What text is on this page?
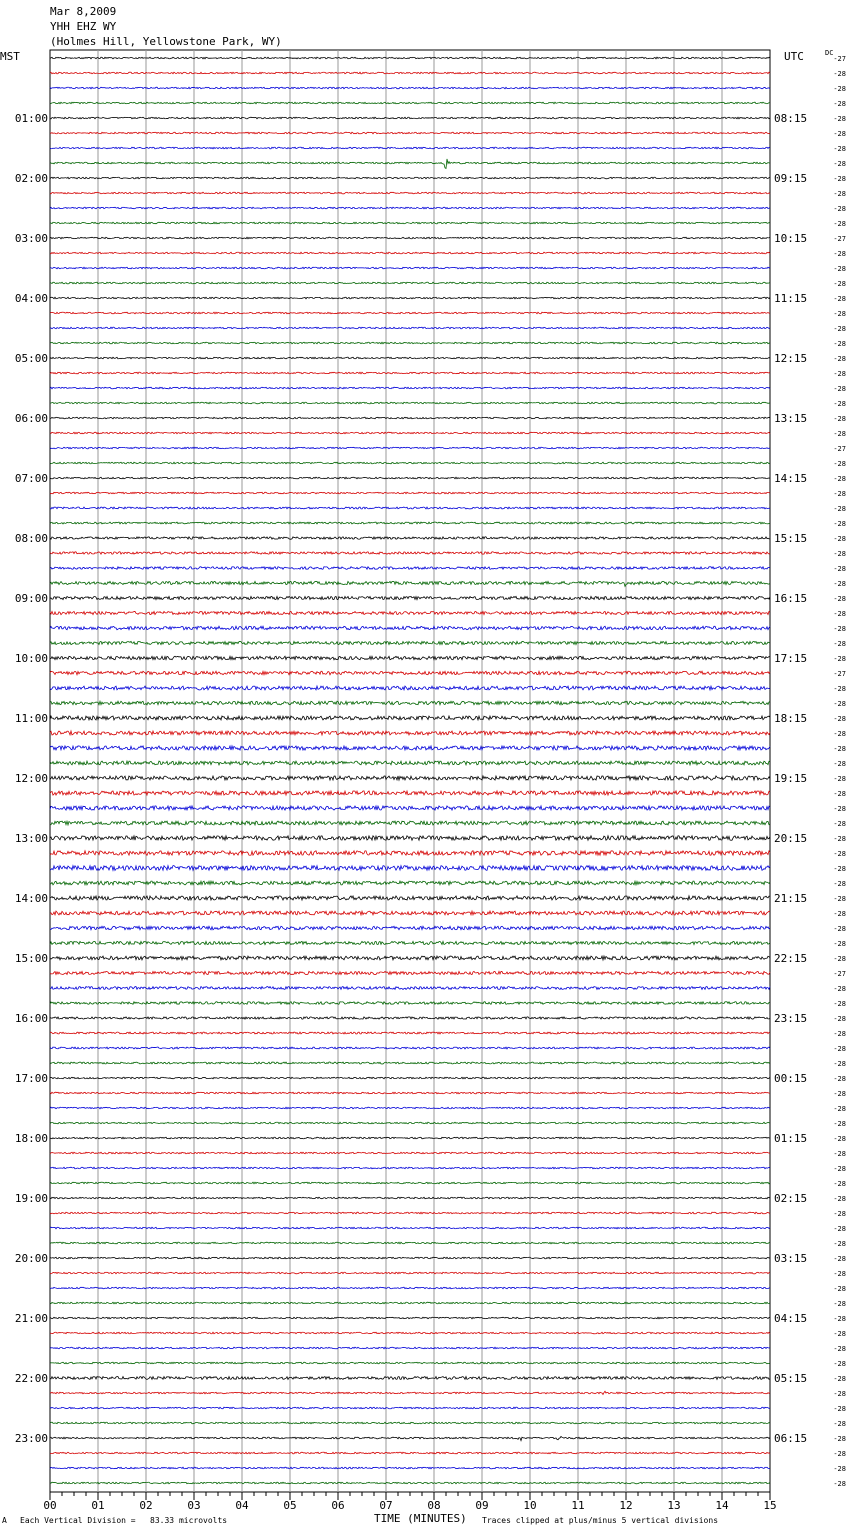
Mar 8,2009
YHH EHZ WY
(Holmes Hill, Yellowstone Park, WY)
MST	UTC	DC
01:00
02:00
03:00
04:00
05:00
06:00
07:00
08:00
09:00
10:00
11:00
12:00
13:00
14:00
15:00
16:00
17:00
18:00
19:00
20:00
21:00
22:00
23:00
08:15
09:15
10:15
11:15
12:15
13:15
14:15
15:15
16:15
17:15
18:15
19:15
20:15
21:15
22:15
23:15
00:15
01:15
02:15
03:15
04:15
05:15
06:15
-27
-28
-28
-28
-28
-28
-28
-28
-28
-28
-28
-28
-27
-28
-28
-28
-28
-28
-28
-28
-28
-28
-28
-28
-28
-28
-27
-28
-28
-28
-28
-28
-28
-28
-28
-28
-28
-28
-28
-28
-28
-27
-28
-28
-28
-28
-28
-28
-28
-28
-28
-28
-28
-28
-28
-28
-28
-28
-28
-28
-28
-27
-28
-28
-28
-28
-28
-28
-28
-28
-28
-28
-28
-28
-28
-28
-28
-28
-28
-28
-28
-28
-28
-28
-28
-28
-28
-28
-28
-28
-28
-28
-28
-28
-28
-28
00	01	02	03	04	05	06	07	08	09	10	11	12	13	14	15
A Each Vertical Division =   83.33 microvolts	TIME (MINUTES) Traces clipped at plus/minus 5 vertical divisions
